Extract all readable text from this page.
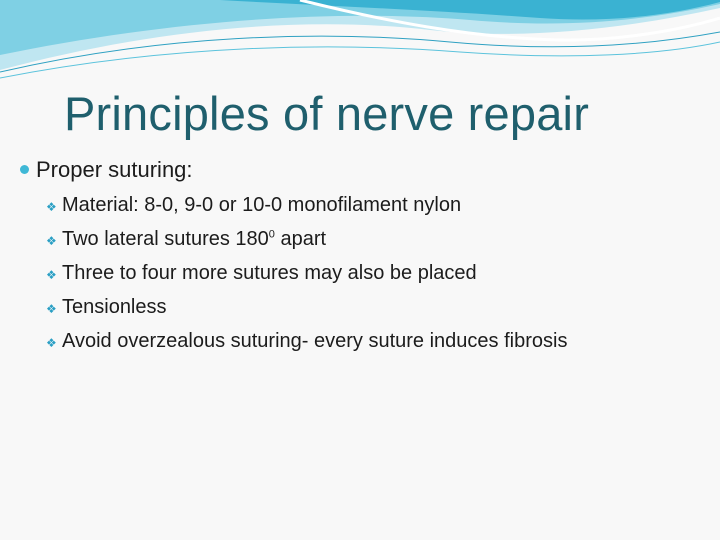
Principles of nerve repair
Proper suturing:
❖ Material: 8-0, 9-0 or 10-0 monofilament nylon
❖ Two lateral sutures $180^0$ apart
❖ Three to four more sutures may also be placed
❖ Tensionless
❖ Avoid overzealous suturing- every suture induces fibrosis
